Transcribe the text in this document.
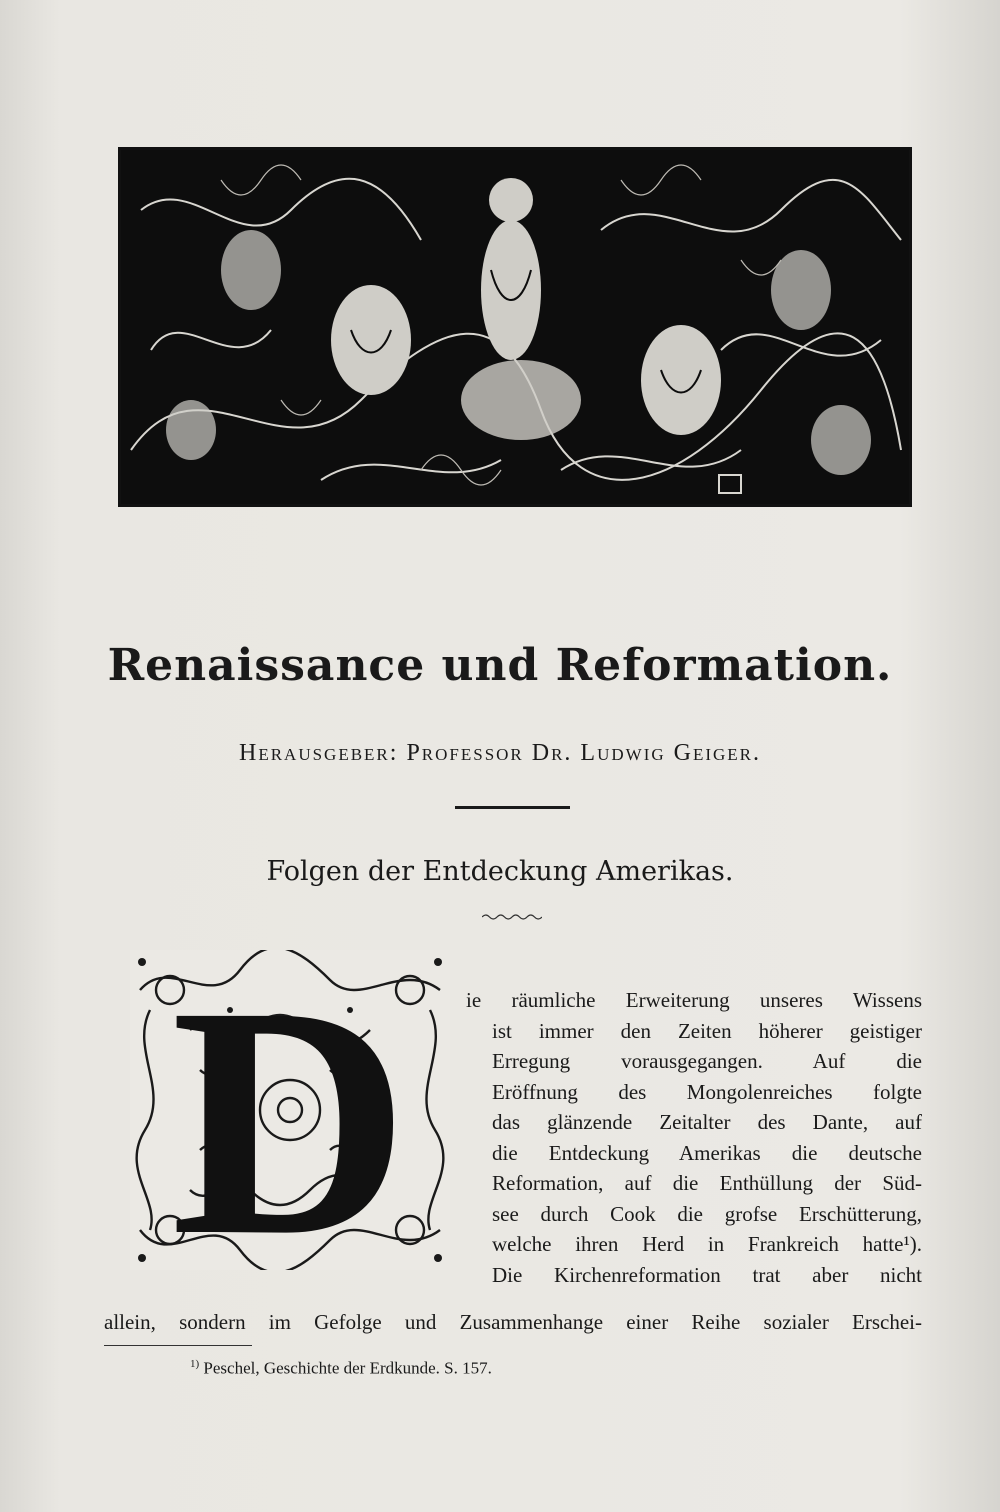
Renaissance und Reformation.
Herausgeber: Professor Dr. Ludwig Geiger.
Folgen der Entdeckung Amerikas.
D	ie räumliche Erweiterung unseres Wissens
ist immer den Zeiten höherer geistiger
Erregung vorausgegangen. Auf die
Eröffnung des Mongolenreiches folgte
das glänzende Zeitalter des Dante, auf
die Entdeckung Amerikas die deutsche
Reformation, auf die Enthüllung der Süd-
see durch Cook die grofse Erschütterung,
welche ihren Herd in Frankreich hatte¹).
Die Kirchenreformation trat aber nicht
allein, sondern im Gefolge und Zusammenhange einer Reihe sozialer Erschei-
$^{1)}$ Peschel, Geschichte der Erdkunde. S. 157.
